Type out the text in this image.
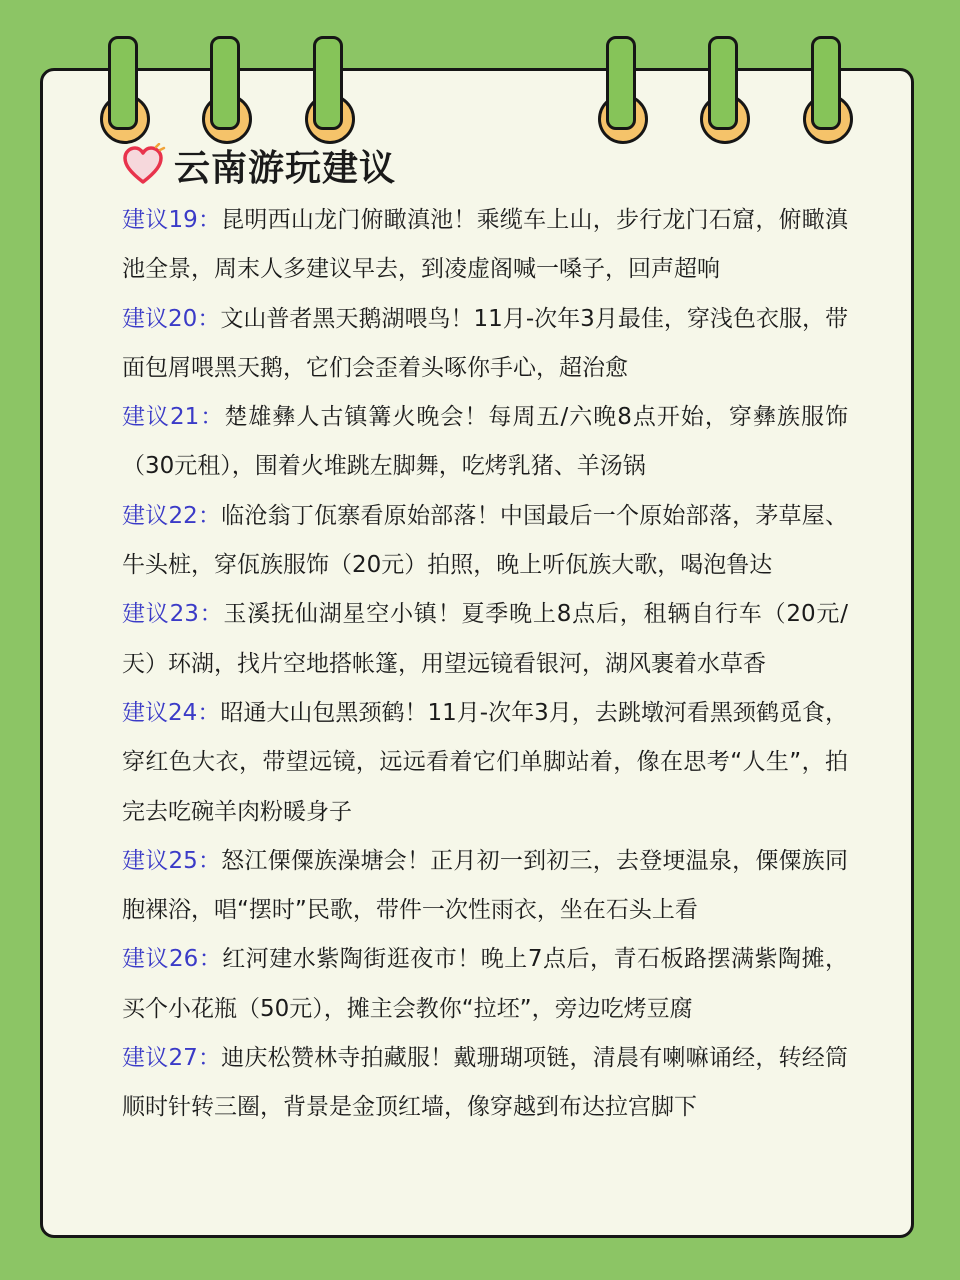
云南游玩建议
建议19：昆明西山龙门俯瞰滇池！乘缆车上山，步行龙门石窟，俯瞰滇池全景，周末人多建议早去，到凌虚阁喊一嗓子，回声超响
建议20：文山普者黑天鹅湖喂鸟！11月-次年3月最佳，穿浅色衣服，带面包屑喂黑天鹅，它们会歪着头啄你手心，超治愈
建议21：楚雄彝人古镇篝火晚会！每周五/六晚8点开始，穿彝族服饰（30元租），围着火堆跳左脚舞，吃烤乳猪、羊汤锅
建议22：临沧翁丁佤寨看原始部落！中国最后一个原始部落，茅草屋、牛头桩，穿佤族服饰（20元）拍照，晚上听佤族大歌，喝泡鲁达
建议23：玉溪抚仙湖星空小镇！夏季晚上8点后，租辆自行车（20元/天）环湖，找片空地搭帐篷，用望远镜看银河，湖风裹着水草香
建议24：昭通大山包黑颈鹤！11月-次年3月，去跳墩河看黑颈鹤觅食，穿红色大衣，带望远镜，远远看着它们单脚站着，像在思考“人生”，拍完去吃碗羊肉粉暖身子
建议25：怒江傈僳族澡塘会！正月初一到初三，去登埂温泉，傈僳族同胞裸浴，唱“摆时”民歌，带件一次性雨衣，坐在石头上看
建议26：红河建水紫陶街逛夜市！晚上7点后，青石板路摆满紫陶摊，买个小花瓶（50元），摊主会教你“拉坯”，旁边吃烤豆腐
建议27：迪庆松赞林寺拍藏服！戴珊瑚项链，清晨有喇嘛诵经，转经筒顺时针转三圈，背景是金顶红墙，像穿越到布达拉宫脚下
